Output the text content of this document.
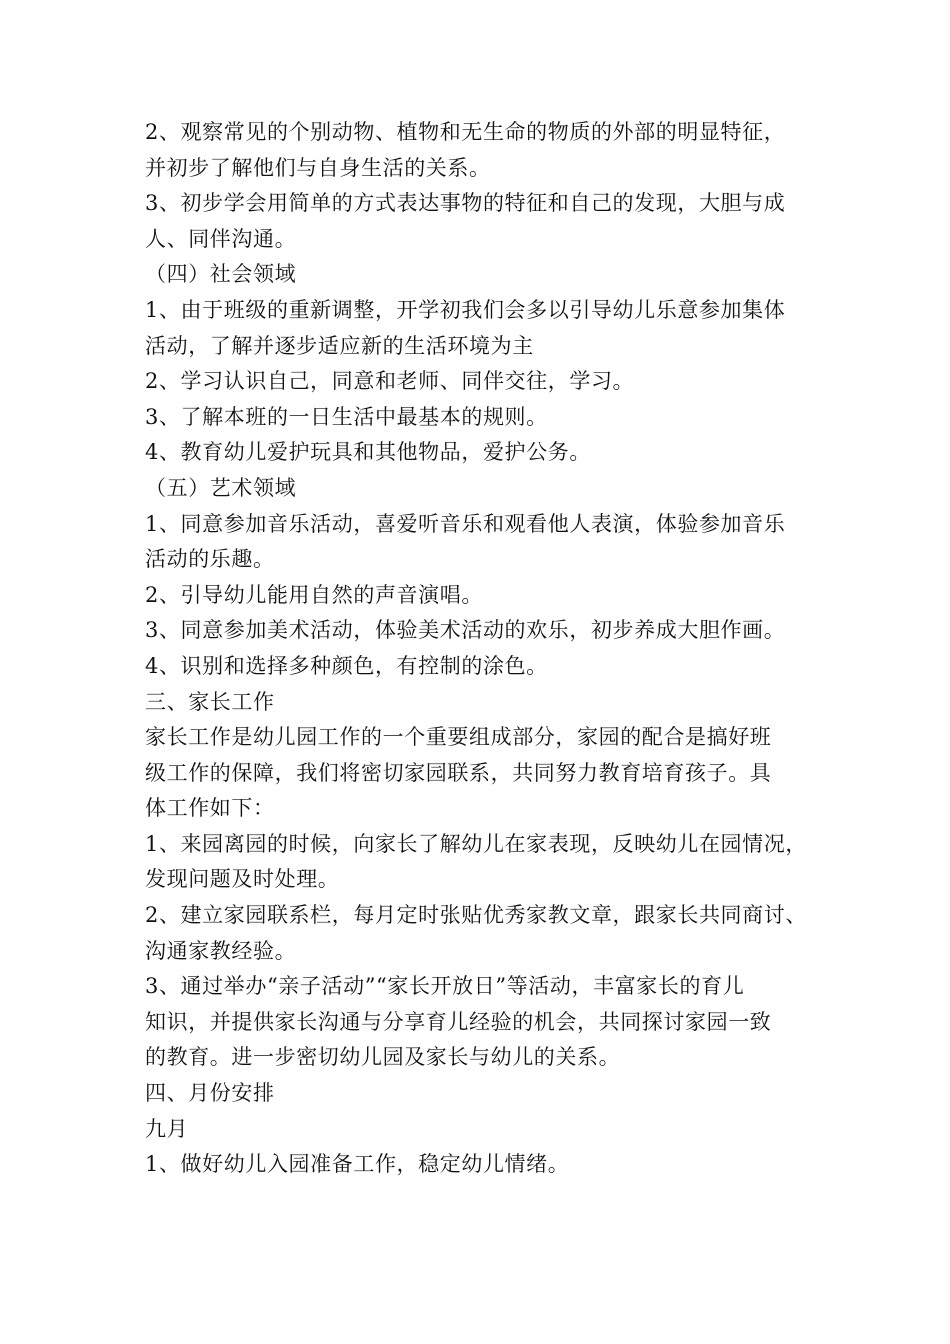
2、观察常见的个别动物、植物和无生命的物质的外部的明显特征，
并初步了解他们与自身生活的关系。
3、初步学会用简单的方式表达事物的特征和自己的发现，大胆与成
人、同伴沟通。
（四）社会领域
1、由于班级的重新调整，开学初我们会多以引导幼儿乐意参加集体
活动，了解并逐步适应新的生活环境为主
2、学习认识自己，同意和老师、同伴交往，学习。
3、了解本班的一日生活中最基本的规则。
4、教育幼儿爱护玩具和其他物品，爱护公务。
（五）艺术领域
1、同意参加音乐活动，喜爱听音乐和观看他人表演，体验参加音乐
活动的乐趣。
2、引导幼儿能用自然的声音演唱。
3、同意参加美术活动，体验美术活动的欢乐，初步养成大胆作画。
4、识别和选择多种颜色，有控制的涂色。
三、家长工作
家长工作是幼儿园工作的一个重要组成部分，家园的配合是搞好班
级工作的保障，我们将密切家园联系，共同努力教育培育孩子。具
体工作如下：
1、来园离园的时候，向家长了解幼儿在家表现，反映幼儿在园情况，
发现问题及时处理。
2、建立家园联系栏，每月定时张贴优秀家教文章，跟家长共同商讨、
沟通家教经验。
3、通过举办“亲子活动”“家长开放日”等活动，丰富家长的育儿
知识，并提供家长沟通与分享育儿经验的机会，共同探讨家园一致
的教育。进一步密切幼儿园及家长与幼儿的关系。
四、月份安排
九月
1、做好幼儿入园准备工作，稳定幼儿情绪。
